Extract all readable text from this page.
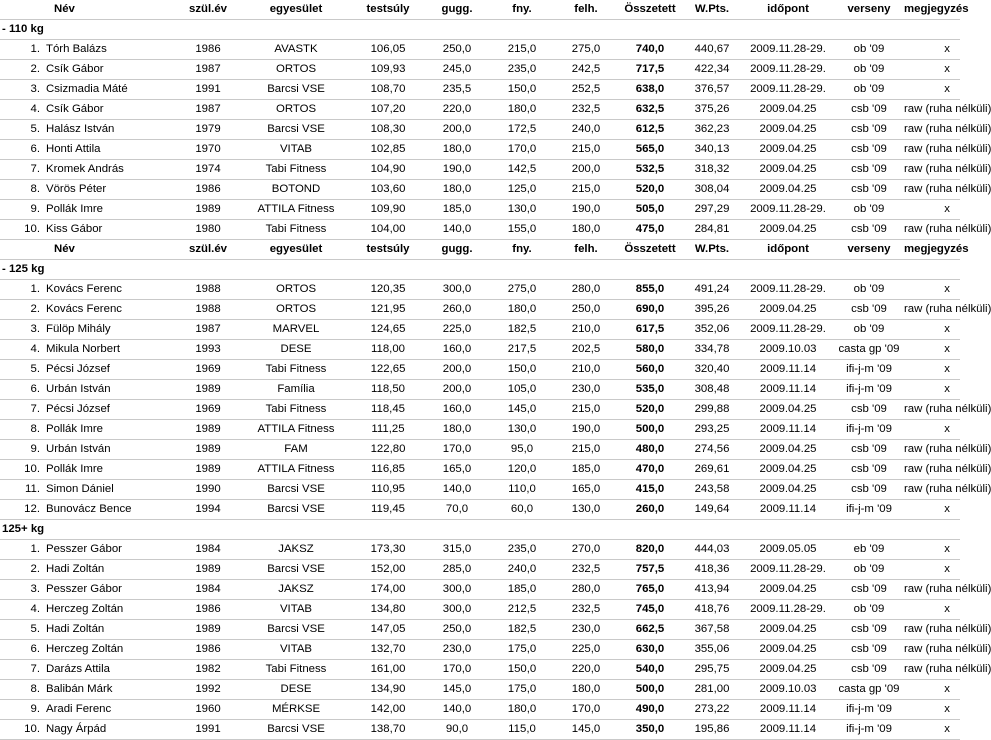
	Név	szül.év	egyesület	testsúly	gugg.	fny.	felh.	Összetett	W.Pts.	időpont	verseny	megjegyzés
- 110 kg												
1.	Tórh Balázs	1986	AVASTK	106,05	250,0	215,0	275,0	740,0	440,67	2009.11.28-29.	ob '09	x
2.	Csík Gábor	1987	ORTOS	109,93	245,0	235,0	242,5	717,5	422,34	2009.11.28-29.	ob '09	x
3.	Csizmadia Máté	1991	Barcsi VSE	108,70	235,5	150,0	252,5	638,0	376,57	2009.11.28-29.	ob '09	x
4.	Csík Gábor	1987	ORTOS	107,20	220,0	180,0	232,5	632,5	375,26	2009.04.25	csb '09	raw (ruha nélküli)
5.	Halász István	1979	Barcsi VSE	108,30	200,0	172,5	240,0	612,5	362,23	2009.04.25	csb '09	raw (ruha nélküli)
6.	Honti Attila	1970	VITAB	102,85	180,0	170,0	215,0	565,0	340,13	2009.04.25	csb '09	raw (ruha nélküli)
7.	Kromek András	1974	Tabi Fitness	104,90	190,0	142,5	200,0	532,5	318,32	2009.04.25	csb '09	raw (ruha nélküli)
8.	Vörös Péter	1986	BOTOND	103,60	180,0	125,0	215,0	520,0	308,04	2009.04.25	csb '09	raw (ruha nélküli)
9.	Pollák Imre	1989	ATTILA Fitness	109,90	185,0	130,0	190,0	505,0	297,29	2009.11.28-29.	ob '09	x
10.	Kiss Gábor	1980	Tabi Fitness	104,00	140,0	155,0	180,0	475,0	284,81	2009.04.25	csb '09	raw (ruha nélküli)
	Név	szül.év	egyesület	testsúly	gugg.	fny.	felh.	Összetett	W.Pts.	időpont	verseny	megjegyzés
- 125 kg												
1.	Kovács Ferenc	1988	ORTOS	120,35	300,0	275,0	280,0	855,0	491,24	2009.11.28-29.	ob '09	x
2.	Kovács Ferenc	1988	ORTOS	121,95	260,0	180,0	250,0	690,0	395,26	2009.04.25	csb '09	raw (ruha nélküli)
3.	Fülöp Mihály	1987	MARVEL	124,65	225,0	182,5	210,0	617,5	352,06	2009.11.28-29.	ob '09	x
4.	Mikula Norbert	1993	DESE	118,00	160,0	217,5	202,5	580,0	334,78	2009.10.03	casta gp '09	x
5.	Pécsi József	1969	Tabi Fitness	122,65	200,0	150,0	210,0	560,0	320,40	2009.11.14	ifi-j-m '09	x
6.	Urbán István	1989	Família	118,50	200,0	105,0	230,0	535,0	308,48	2009.11.14	ifi-j-m '09	x
7.	Pécsi József	1969	Tabi Fitness	118,45	160,0	145,0	215,0	520,0	299,88	2009.04.25	csb '09	raw (ruha nélküli)
8.	Pollák Imre	1989	ATTILA Fitness	111,25	180,0	130,0	190,0	500,0	293,25	2009.11.14	ifi-j-m '09	x
9.	Urbán István	1989	FAM	122,80	170,0	95,0	215,0	480,0	274,56	2009.04.25	csb '09	raw (ruha nélküli)
10.	Pollák Imre	1989	ATTILA Fitness	116,85	165,0	120,0	185,0	470,0	269,61	2009.04.25	csb '09	raw (ruha nélküli)
11.	Simon Dániel	1990	Barcsi VSE	110,95	140,0	110,0	165,0	415,0	243,58	2009.04.25	csb '09	raw (ruha nélküli)
12.	Bunovácz Bence	1994	Barcsi VSE	119,45	70,0	60,0	130,0	260,0	149,64	2009.11.14	ifi-j-m '09	x
125+ kg												
1.	Pesszer Gábor	1984	JAKSZ	173,30	315,0	235,0	270,0	820,0	444,03	2009.05.05	eb '09	x
2.	Hadi Zoltán	1989	Barcsi VSE	152,00	285,0	240,0	232,5	757,5	418,36	2009.11.28-29.	ob '09	x
3.	Pesszer Gábor	1984	JAKSZ	174,00	300,0	185,0	280,0	765,0	413,94	2009.04.25	csb '09	raw (ruha nélküli)
4.	Herczeg Zoltán	1986	VITAB	134,80	300,0	212,5	232,5	745,0	418,76	2009.11.28-29.	ob '09	x
5.	Hadi Zoltán	1989	Barcsi VSE	147,05	250,0	182,5	230,0	662,5	367,58	2009.04.25	csb '09	raw (ruha nélküli)
6.	Herczeg Zoltán	1986	VITAB	132,70	230,0	175,0	225,0	630,0	355,06	2009.04.25	csb '09	raw (ruha nélküli)
7.	Darázs Attila	1982	Tabi Fitness	161,00	170,0	150,0	220,0	540,0	295,75	2009.04.25	csb '09	raw (ruha nélküli)
8.	Balibán Márk	1992	DESE	134,90	145,0	175,0	180,0	500,0	281,00	2009.10.03	casta gp '09	x
9.	Aradi Ferenc	1960	MÉRKSE	142,00	140,0	180,0	170,0	490,0	273,22	2009.11.14	ifi-j-m '09	x
10.	Nagy Árpád	1991	Barcsi VSE	138,70	90,0	115,0	145,0	350,0	195,86	2009.11.14	ifi-j-m '09	x
